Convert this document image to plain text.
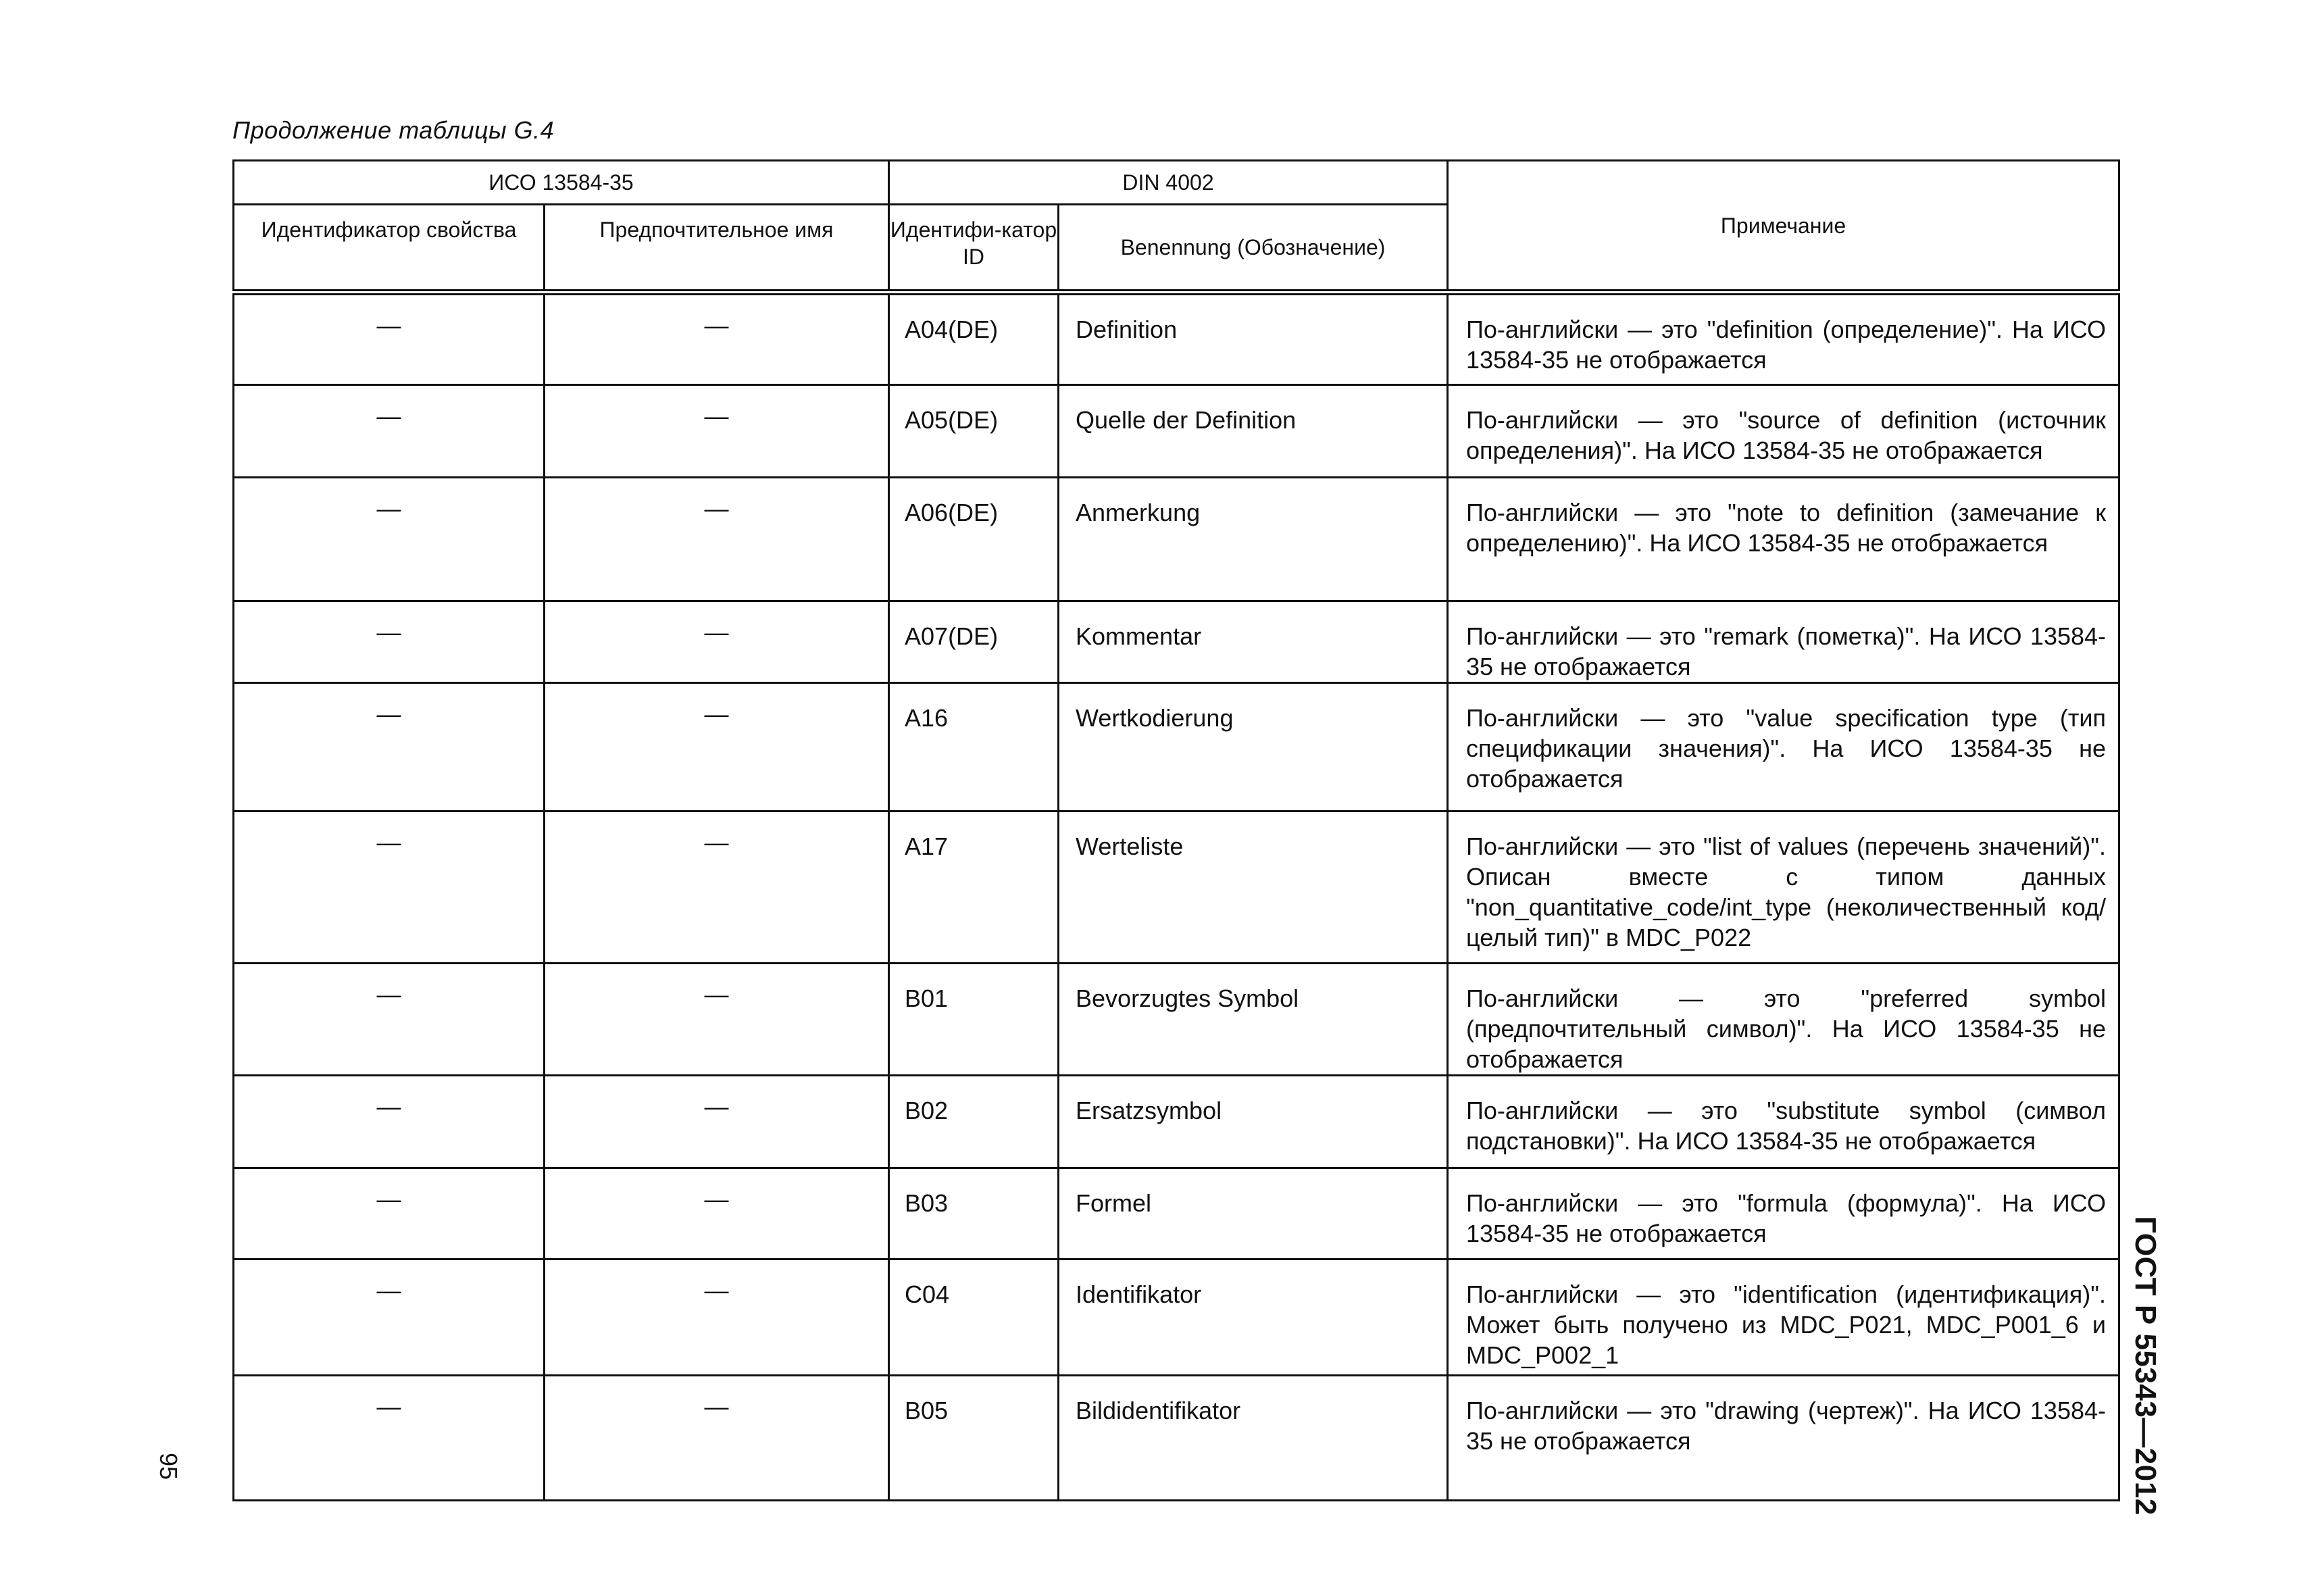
Продолжение таблицы G.4
ИСО 13584-35		DIN 4002		Примечание
Идентификатор свойства	Предпочтительное имя	Идентифи-катор ID	Benennung (Обозначение)	
—	—	A04(DE)	Definition	По-английски — это "definition (определение)". На ИСО 13584-35 не отображается
—	—	A05(DE)	Quelle der Definition	По-английски — это "source of definition (источник определения)". На ИСО 13584-35 не отображается
—	—	A06(DE)	Anmerkung	По-английски — это "note to definition (замечание к определению)". На ИСО 13584-35 не отображается
—	—	A07(DE)	Kommentar	По-английски — это "remark (пометка)". На ИСО 13584-35 не отображается
—	—	A16	Wertkodierung	По-английски — это "value specification type (тип спецификации значения)". На ИСО 13584-35 не отображается
—	—	A17	Werteliste	По-английски — это "list of values (перечень значений)". Описан вместе с типом данных "non_quantitative_code/int_type (неколичественный код/целый тип)" в MDC_P022
—	—	B01	Bevorzugtes Symbol	По-английски — это "preferred symbol (предпочтительный символ)". На ИСО 13584-35 не отображается
—	—	B02	Ersatzsymbol	По-английски — это "substitute symbol (символ подстановки)". На ИСО 13584-35 не отображается
—	—	B03	Formel	По-английски — это "formula (формула)". На ИСО 13584-35 не отображается
—	—	C04	Identifikator	По-английски — это "identification (идентификация)". Может быть получено из MDC_P021, MDC_P001_6 и MDC_P002_1
—	—	B05	Bildidentifikator	По-английски — это "drawing (чертеж)". На ИСО 13584-35 не отображается	ГОСТ Р 55343—2012
95
